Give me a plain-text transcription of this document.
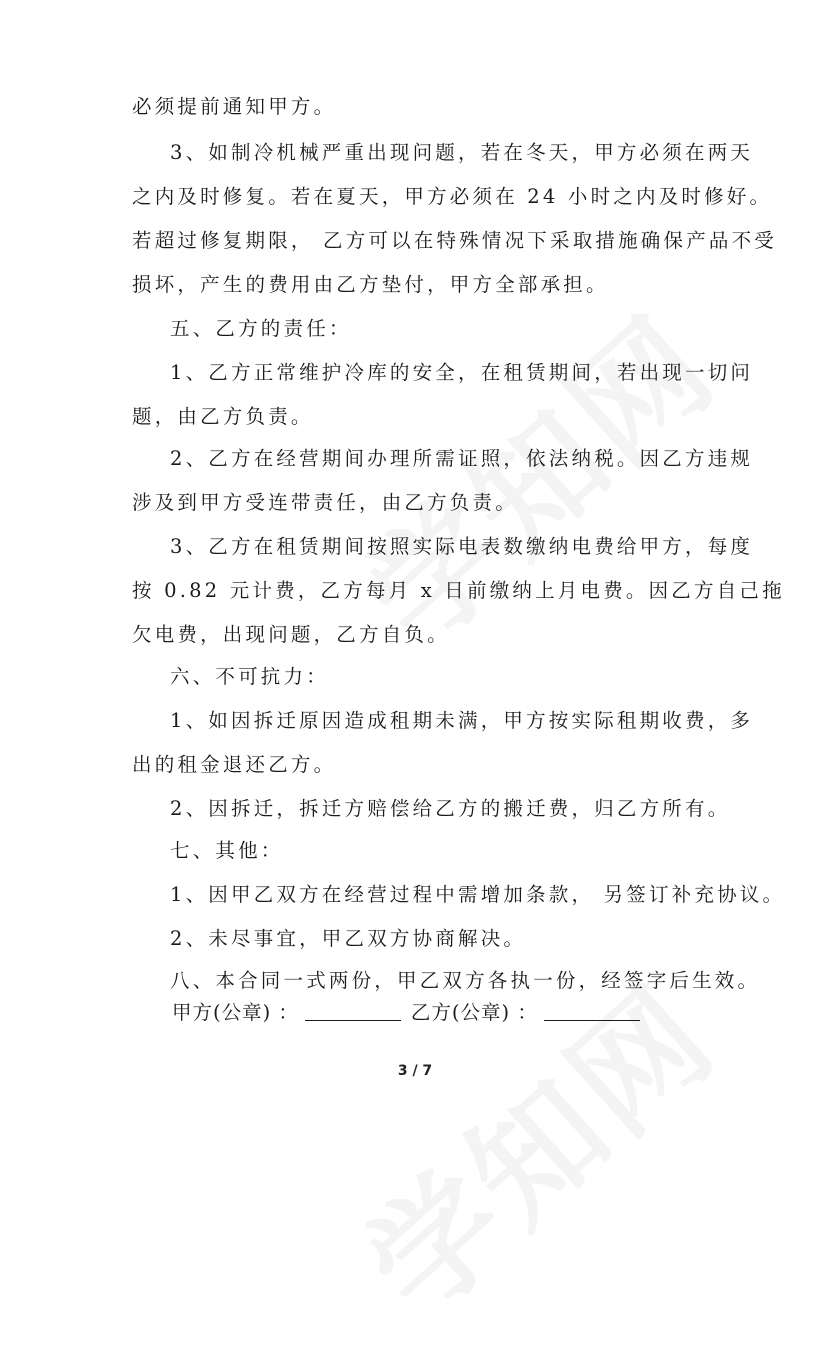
必须提前通知甲方。
3、如制冷机械严重出现问题，若在冬天，甲方必须在两天
之内及时修复。若在夏天，甲方必须在 24 小时之内及时修好。
若超过修复期限， 乙方可以在特殊情况下采取措施确保产品不受
损坏，产生的费用由乙方垫付，甲方全部承担。
五、乙方的责任：
1、乙方正常维护冷库的安全，在租赁期间，若出现一切问
题，由乙方负责。
2、乙方在经营期间办理所需证照，依法纳税。因乙方违规
涉及到甲方受连带责任，由乙方负责。
3、乙方在租赁期间按照实际电表数缴纳电费给甲方，每度
按 0.82 元计费，乙方每月 x 日前缴纳上月电费。因乙方自己拖
欠电费，出现问题，乙方自负。
六、不可抗力：
1、如因拆迁原因造成租期未满，甲方按实际租期收费，多
出的租金退还乙方。
2、因拆迁，拆迁方赔偿给乙方的搬迁费，归乙方所有。
七、其他：
1、因甲乙双方在经营过程中需增加条款， 另签订补充协议。
2、未尽事宜，甲乙双方协商解决。
八、本合同一式两份，甲乙双方各执一份，经签字后生效。
甲方(公章) ：	乙方(公章) ：
3 / 7
